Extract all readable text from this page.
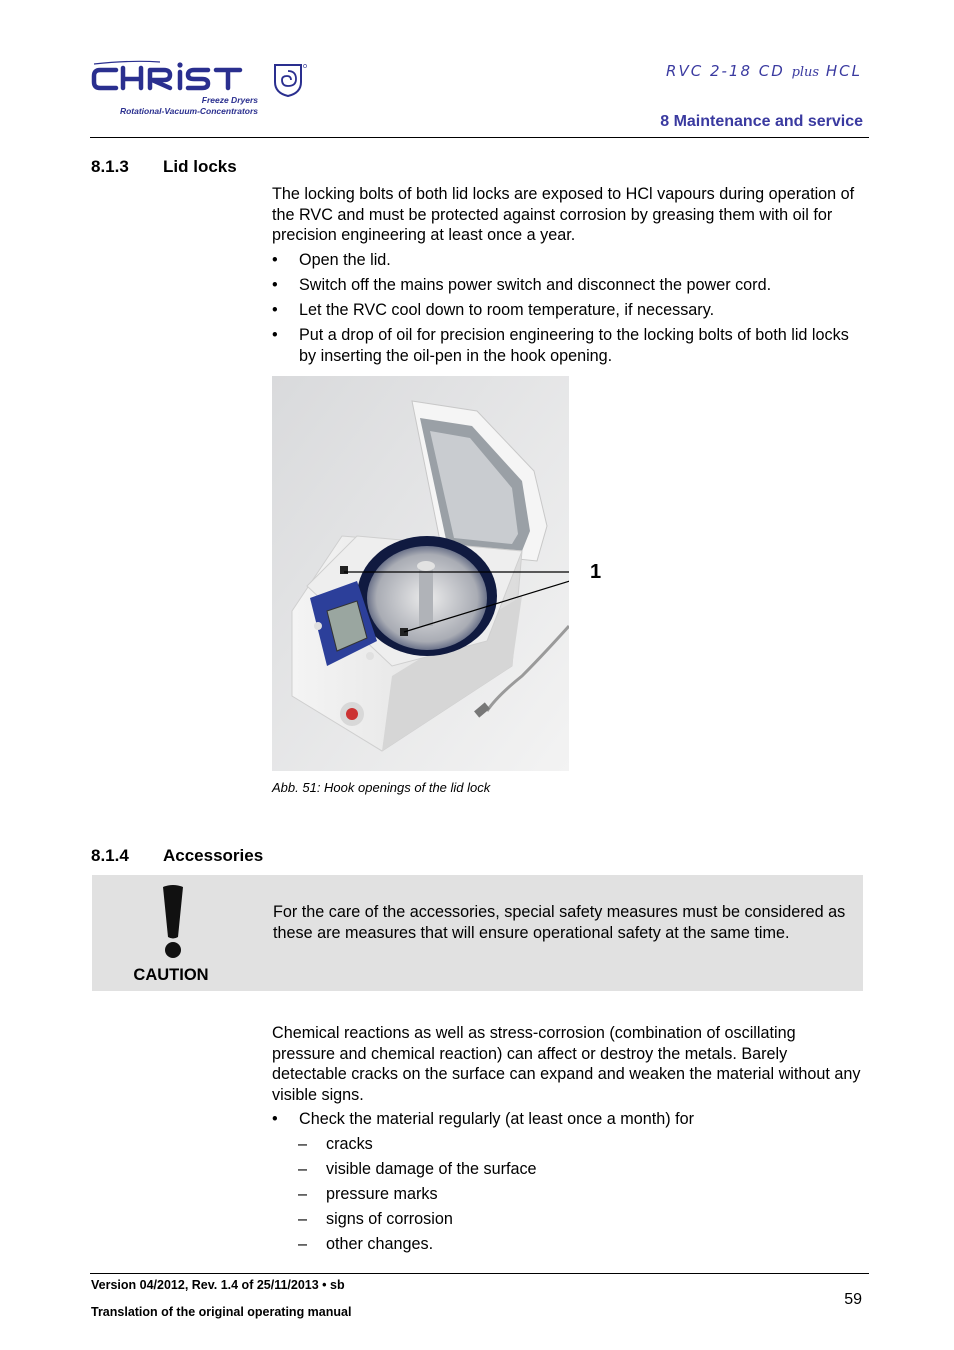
Freeze Dryers
Rotational-Vacuum-Concentrators
RVC 2-18 CD plus HCL
8 Maintenance and service
8.1.3 Lid locks
The locking bolts of both lid locks are exposed to HCl vapours during operation of the RVC and must be protected against corrosion by greasing them with oil for precision engineering at least once a year.
• Open the lid.
• Switch off the mains power switch and disconnect the power cord.
• Let the RVC cool down to room temperature, if necessary.
• Put a drop of oil for precision engineering to the locking bolts of both lid locks by inserting the oil-pen in the hook opening.
1
Abb. 51: Hook openings of the lid lock
8.1.4 Accessories
CAUTION
For the care of the accessories, special safety measures must be considered as these are measures that will ensure operational safety at the same time.
Chemical reactions as well as stress-corrosion (combination of oscillating pressure and chemical reaction) can affect or destroy the metals. Barely detectable cracks on the surface can expand and weaken the material without any visible signs.
• Check the material regularly (at least once a month) for
– cracks
– visible damage of the surface
– pressure marks
– signs of corrosion
– other changes.
Version 04/2012, Rev. 1.4 of 25/11/2013 • sb
Translation of the original operating manual
59
